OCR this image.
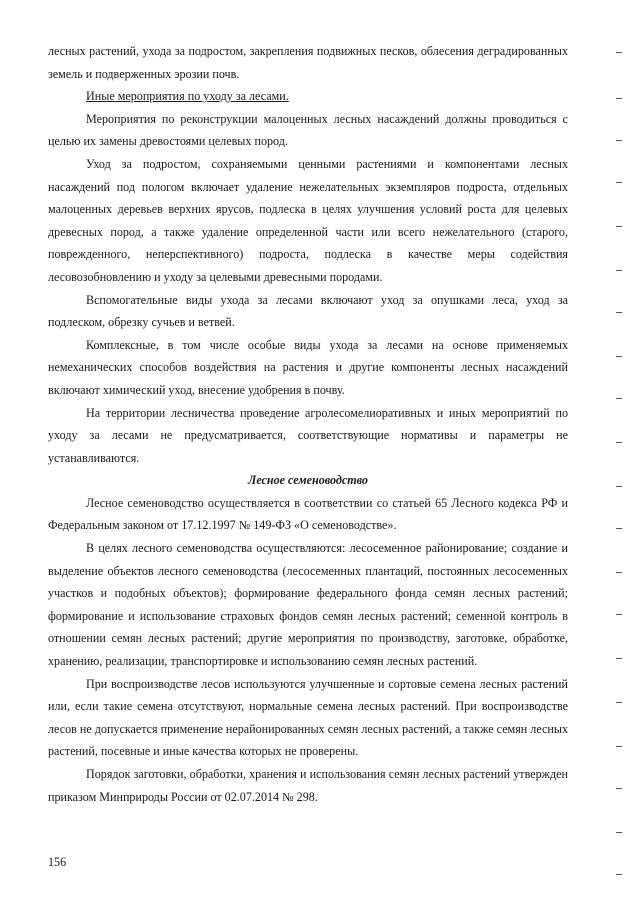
лесных растений, ухода за подростом, закрепления подвижных песков, облесения деградированных земель и подверженных эрозии почв.

Иные мероприятия по уходу за лесами.

Мероприятия по реконструкции малоценных лесных насаждений должны проводиться с целью их замены древостоями целевых пород.

Уход за подростом, сохраняемыми ценными растениями и компонентами лесных насаждений под пологом включает удаление нежелательных экземпляров подроста, отдельных малоценных деревьев верхних ярусов, подлеска в целях улучшения условий роста для целевых древесных пород, а также удаление определенной части или всего нежелательного (старого, поврежденного, неперспективного) подроста, подлеска в качестве меры содействия лесовозобновлению и уходу за целевыми древесными породами.

Вспомогательные виды ухода за лесами включают уход за опушками леса, уход за подлеском, обрезку сучьев и ветвей.

Комплексные, в том числе особые виды ухода за лесами на основе применяемых немеханических способов воздействия на растения и другие компоненты лесных насаждений включают химический уход, внесение удобрения в почву.

На территории лесничества проведение агролесомелиоративных и иных мероприятий по уходу за лесами не предусматривается, соответствующие нормативы и параметры не устанавливаются.

Лесное семеноводство

Лесное семеноводство осуществляется в соответствии со статьей 65 Лесного кодекса РФ и Федеральным законом от 17.12.1997 № 149-ФЗ «О семеноводстве».

В целях лесного семеноводства осуществляются: лесосеменное районирование; создание и выделение объектов лесного семеноводства (лесосеменных плантаций, постоянных лесосеменных участков и подобных объектов); формирование федерального фонда семян лесных растений; формирование и использование страховых фондов семян лесных растений; семенной контроль в отношении семян лесных растений; другие мероприятия по производству, заготовке, обработке, хранению, реализации, транспортировке и использованию семян лесных растений.

При воспроизводстве лесов используются улучшенные и сортовые семена лесных растений или, если такие семена отсутствуют, нормальные семена лесных растений. При воспроизводстве лесов не допускается применение нерайонированных семян лесных растений, а также семян лесных растений, посевные и иные качества которых не проверены.

Порядок заготовки, обработки, хранения и использования семян лесных растений утвержден приказом Минприроды России от 02.07.2014 № 298.

156
